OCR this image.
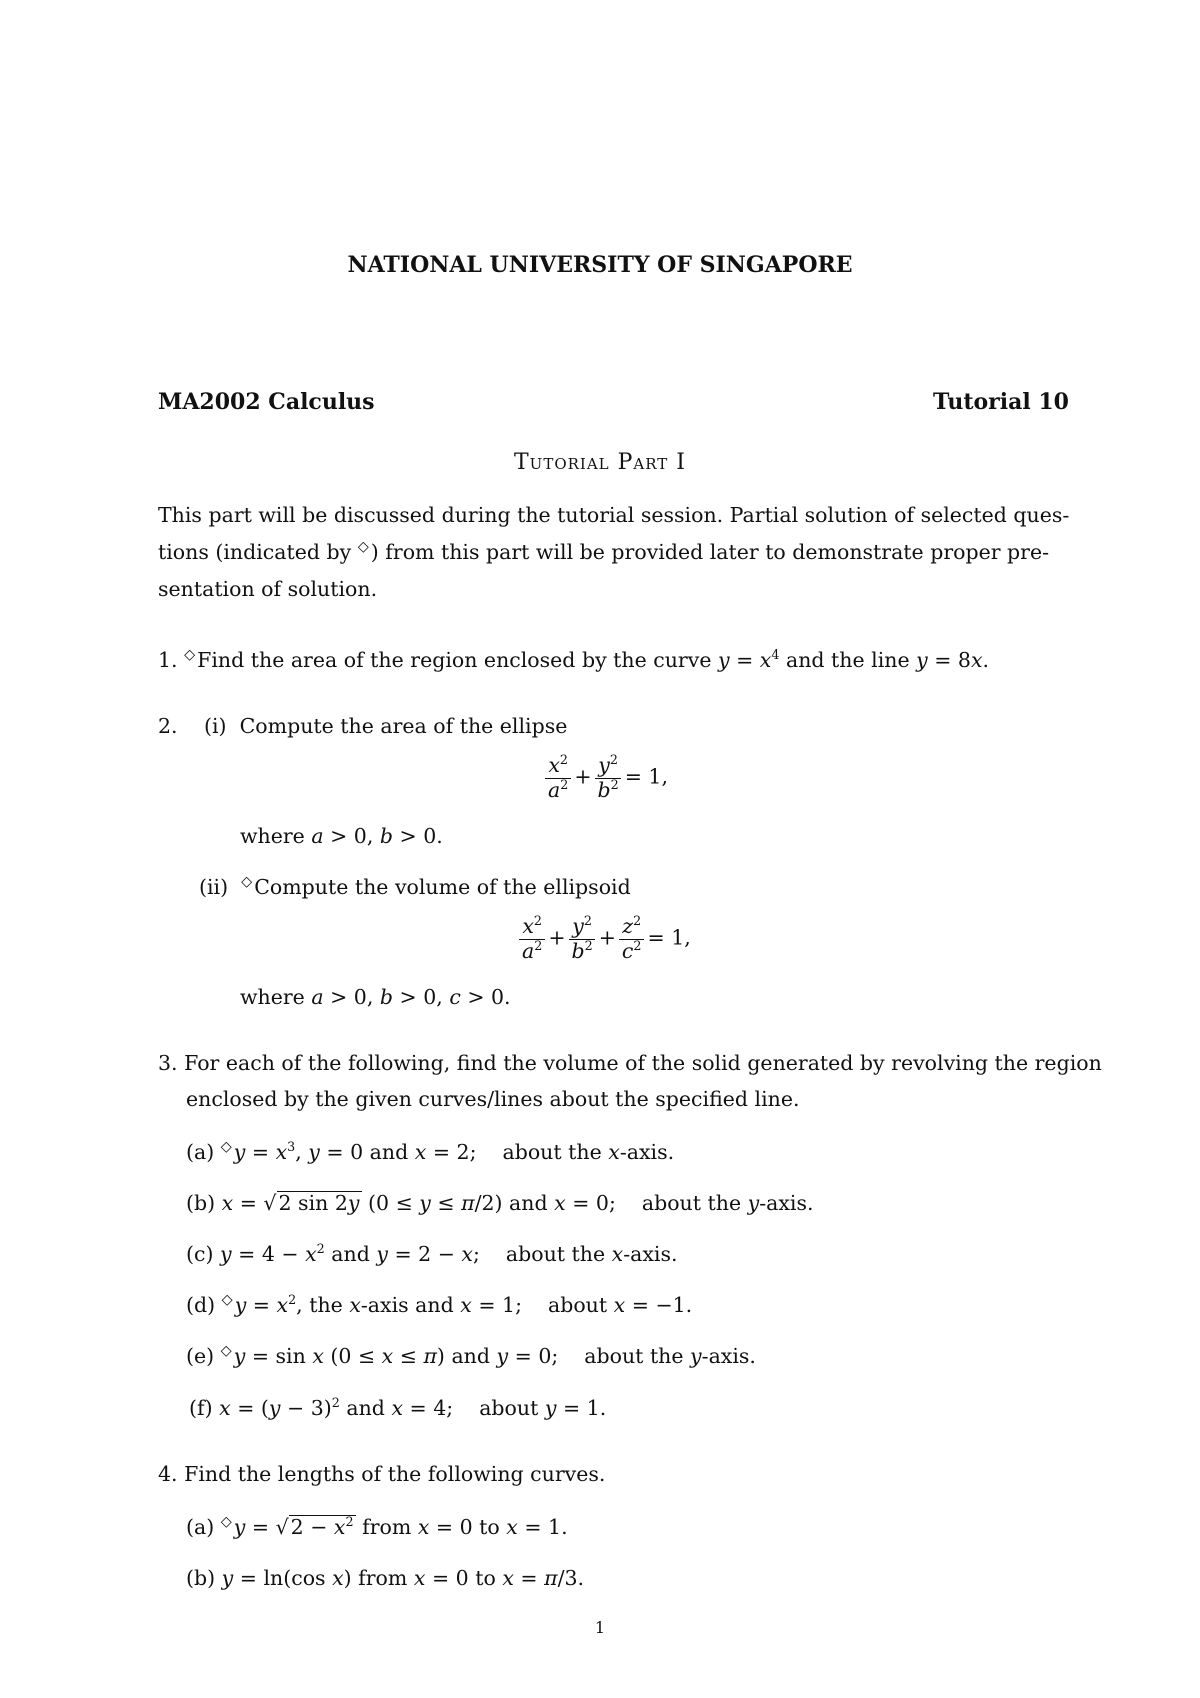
NATIONAL UNIVERSITY OF SINGAPORE
MA2002 Calculus	Tutorial 10
Tutorial Part I
This part will be discussed during the tutorial session. Partial solution of selected ques-
tions (indicated by ◇) from this part will be provided later to demonstrate proper pre-
sentation of solution.
1. ◇Find the area of the region enclosed by the curve $y = x^4$ and the line y = 8x.
2. (i) Compute the area of the ellipse
$\frac{x^2}{a^2} + \frac{y^2}{b^2} = 1$,
where a > 0, b > 0.
(ii) ◇Compute the volume of the ellipsoid
$\frac{x^2}{a^2} + \frac{y^2}{b^2} + \frac{z^2}{c^2} = 1$,
where a > 0, b > 0, c > 0.
3. For each of the following, find the volume of the solid generated by revolving the region
enclosed by the given curves/lines about the specified line.
(a) $^◇y = x^3$, y = 0 and x = 2; about the x-axis.
(b) x = √2 sin 2y (0 ≤ y ≤ π/2) and x = 0; about the y-axis.
(c) $y = 4 - x^2$ and y = 2 − x; about the x-axis.
(d) $^◇y = x^2$, the x-axis and x = 1; about x = −1.
(e) ◇y = sin x (0 ≤ x ≤ π) and y = 0; about the y-axis.
(f) $x = (y - 3)^2$ and x = 4; about y = 1.
4. Find the lengths of the following curves.
(a) $^◇y = √2 - x^2$ from x = 0 to x = 1.
(b) y = ln(cos x) from x = 0 to x = π/3.
1
